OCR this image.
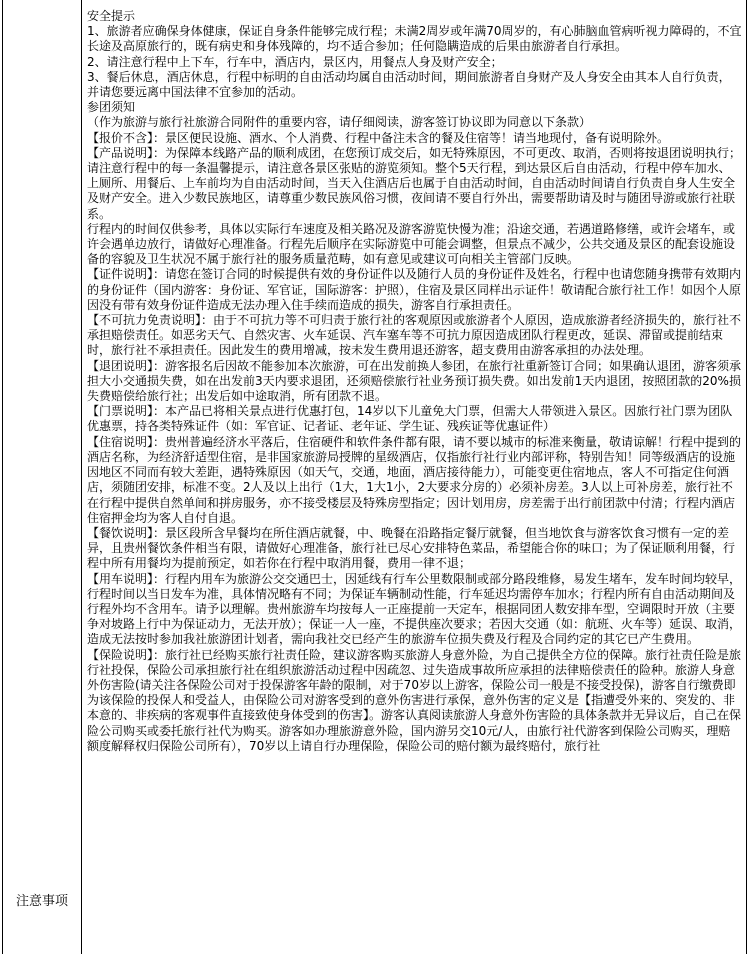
注意事项

安全提示

1、旅游者应确保身体健康，保证自身条件能够完成行程；未满2周岁或年满70周岁的，有心肺脑血管病听视力障碍的，不宜长途及高原旅行的，既有病史和身体残障的，均不适合参加；任何隐瞒造成的后果由旅游者自行承担。

2、请注意行程中上下车，行车中，酒店内，景区内，用餐点人身及财产安全；

3、餐后休息，酒店休息，行程中标明的自由活动均属自由活动时间，期间旅游者自身财产及人身安全由其本人自行负责，并请您要远离中国法律不宜参加的活动。

参团须知

（作为旅游与旅行社旅游合同附件的重要内容，请仔细阅读，游客签订协议即为同意以下条款）

【报价不含】：景区便民设施、酒水、个人消费、行程中备注未含的餐及住宿等！请当地现付，备有说明除外。

【产品说明】：为保障本线路产品的顺利成团，在您预订成交后，如无特殊原因，不可更改、取消，否则将按退团说明执行；请注意行程中的每一条温馨提示，请注意各景区张贴的游览须知。整个5天行程，到达景区后自由活动，行程中停车加水、上厕所、用餐后、上车前均为自由活动时间，当天入住酒店后也属于自由活动时间，自由活动时间请自行负责自身人生安全及财产安全。进入少数民族地区，请尊重少数民族风俗习惯，夜间请不要自行外出，需要帮助请及时与随团导游或旅行社联系。

行程内的时间仅供参考，具体以实际行车速度及相关路况及游客游览快慢为准；沿途交通，若遇道路修缮，或许会堵车，或许会遇单边放行，请做好心理准备。行程先后顺序在实际游览中可能会调整，但景点不减少，公共交通及景区的配套设施设备的容貌及卫生状况不属于旅行社的服务质量范畴，如有意见或建议可向相关主管部门反映。

【证件说明】：请您在签订合同的时候提供有效的身份证件以及随行人员的身份证件及姓名，行程中也请您随身携带有效期内的身份证件（国内游客：身份证、军官证，国际游客：护照），住宿及景区同样出示证件！敬请配合旅行社工作！如因个人原因没有带有效身份证件造成无法办理入住手续而造成的损失，游客自行承担责任。

【不可抗力免责说明】：由于不可抗力等不可归责于旅行社的客观原因或旅游者个人原因，造成旅游者经济损失的，旅行社不承担赔偿责任。如恶劣天气、自然灾害、火车延误、汽车塞车等不可抗力原因造成团队行程更改，延误、滞留或提前结束时，旅行社不承担责任。因此发生的费用增减，按未发生费用退还游客，超支费用由游客承担的办法处理。

【退团说明】：游客报名后因故不能参加本次旅游，可在出发前换人参团，在旅行社重新签订合同；如果确认退团，游客须承担大小交通损失费，如在出发前3天内要求退团，还须赔偿旅行社业务预订损失费。如出发前1天内退团，按照团款的20%损失费赔偿给旅行社；出发后如中途取消，所有团款不退。

【门票说明】：本产品已将相关景点进行优惠打包，14岁以下儿童免大门票，但需大人带领进入景区。因旅行社门票为团队优惠票，持各类特殊证件（如：军官证、记者证、老年证、学生证、残疾证等优惠证件）

【住宿说明】：贵州普遍经济水平落后，住宿硬件和软件条件都有限，请不要以城市的标准来衡量，敬请谅解！行程中提到的酒店名称，为经济舒适型住宿，是非国家旅游局授牌的星级酒店，仅指旅行社行业内部评称，特别告知！同等级酒店的设施因地区不同而有较大差距，遇特殊原因（如天气，交通，地面，酒店接待能力），可能变更住宿地点，客人不可指定住何酒店，须随团安排，标准不变。2人及以上出行（1大，1大1小，2大要求分房的）必须补房差。3人以上可补房差，旅行社不在行程中提供自然单间和拼房服务，亦不接受楼层及特殊房型指定；因计划用房，房差需于出行前团款中付清；行程内酒店住宿押金均为客人自付自退。

【餐饮说明】：景区段所含早餐均在所住酒店就餐，中、晚餐在沿路指定餐厅就餐，但当地饮食与游客饮食习惯有一定的差异，且贵州餐饮条件相当有限，请做好心理准备，旅行社已尽心安排特色菜品，希望能合你的味口；为了保证顺利用餐，行程中所有用餐均为提前预定，如若你在行程中取消用餐，费用一律不退；

【用车说明】：行程内用车为旅游公交交通巴士，因延线有行车公里数限制或部分路段维修，易发生堵车，发车时间均较早，行程时间以当日发车为准，具体情况略有不同；为保证车辆制动性能，行车延迟均需停车加水；行程内所有自由活动期间及行程外均不含用车。请予以理解。贵州旅游车均按每人一正座提前一天定车，根据同团人数安排车型，空调限时开放（主要争对坡路上行中为保证动力，无法开放）；保证一人一座，不提供座次要求；若因大交通（如：航班、火车等）延误、取消，造成无法按时参加我社旅游团计划者，需向我社交已经产生的旅游车位损失费及行程及合同约定的其它已产生费用。

【保险说明】：旅行社已经购买旅行社责任险，建议游客购买旅游人身意外险，为自己提供全方位的保障。旅行社责任险是旅行社投保，保险公司承担旅行社在组织旅游活动过程中因疏忽、过失造成事故所应承担的法律赔偿责任的险种。旅游人身意外伤害险(请关注各保险公司对于投保游客年龄的限制，对于70岁以上游客，保险公司一般是不接受投保)，游客自行缴费即为该保险的投保人和受益人，由保险公司对游客受到的意外伤害进行承保，意外伤害的定义是【指遭受外来的、突发的、非本意的、非疾病的客观事件直接致使身体受到的伤害】。游客认真阅读旅游人身意外伤害险的具体条款并无异议后，自己在保险公司购买或委托旅行社代为购买。游客如办理旅游意外险，国内游另交10元/人，由旅行社代游客到保险公司购买，理赔额度解释权归保险公司所有），70岁以上请自行办理保险，保险公司的赔付额为最终赔付，旅行社
